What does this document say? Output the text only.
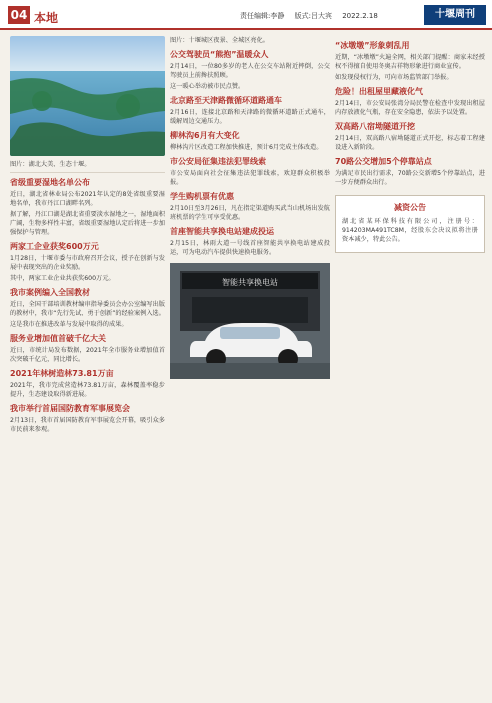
04 本地	责任编辑:李静 版式:吕大宾 2022.2.18	十堰周刊
图片：湖北大美、生态十堰。
省级重要湿地名单公布
近日，湖北省林业局公布2021年认定的8处省级重要湿地名单，我市丹江口湖畔名列。
据了解，丹江口湖是湖北省重要淡水湿地之一，湿地面积广阔，生物多样性丰富，省级重要湿地认定后将进一步加强保护与管理。
两家工企业获奖600万元
1月28日，十堰市委与市政府召开会议，授予在创新与发展中表现突出的企业奖励。
其中，两家工业企业共获奖600万元。
我市案例编入全国教材
近日，全国干部培训教材编审指导委员会办公室编写出版的教材中，我市“先行先试、勇于创新”的经验案例入选。
这是我市在推进改革与发展中取得的成果。
服务业增加值首破千亿大关
近日，市统计局发布数据，2021年全市服务业增加值首次突破千亿元，同比增长。
2021年林树造林73.81万亩
2021年，我市完成营造林73.81万亩，森林覆盖率稳步提升，生态建设取得新进展。
我市举行首届国防教育军事展览会
2月13日，我市首届国防教育军事展览会开幕，吸引众多市民前来参观。
图片：十堰城区夜景、全城区亮化。
公交驾驶员“熊抱”温暖众人
2月14日，一位80多岁的老人在公交车站附近摔倒，公交驾驶员上前搀扶照顾。
这一暖心举动被市民点赞。
北京路至天津路微循环道路通车
2月16日，连接北京路和天津路的微循环道路正式通车，缓解周边交通压力。
柳林沟6月有大变化
柳林沟片区改造工程加快推进，预计6月完成主体改造。
市公安局征集违法犯罪线索
市公安局面向社会征集违法犯罪线索，欢迎群众积极举报。
学生购机票有优惠
2月10日至3月26日，凡在指定渠道购买武当山机场出发航班机票的学生可享受优惠。
首座智能共享换电站建成投运
2月15日，林雨大道一号线首座智能共享换电站建成投运，可为电动汽车提供快速换电服务。
智能共享换电站
“冰墩墩”形象刺乱用
近期，“冰墩墩”火遍全网，相关部门提醒：商家未经授权不得擅自使用冬奥吉祥物形象进行商业宣传。
如发现侵权行为，可向市场监管部门举报。
危险！出租屋里藏液化气
2月14日，市公安局张湾分局民警在检查中发现出租屋内存放液化气瓶，存在安全隐患，依法予以处置。
双高路八宿坳隧道开挖
2月14日，双高路八宿坳隧道正式开挖，标志着工程建设进入新阶段。
70路公交增加5个停靠站点
为满足市民出行需求，70路公交新增5个停靠站点，进一步方便群众出行。
减资公告
湖北省某环保科技有限公司，注册号：914203MA491TC8M，经股东会决议拟将注册资本减少，特此公告。
